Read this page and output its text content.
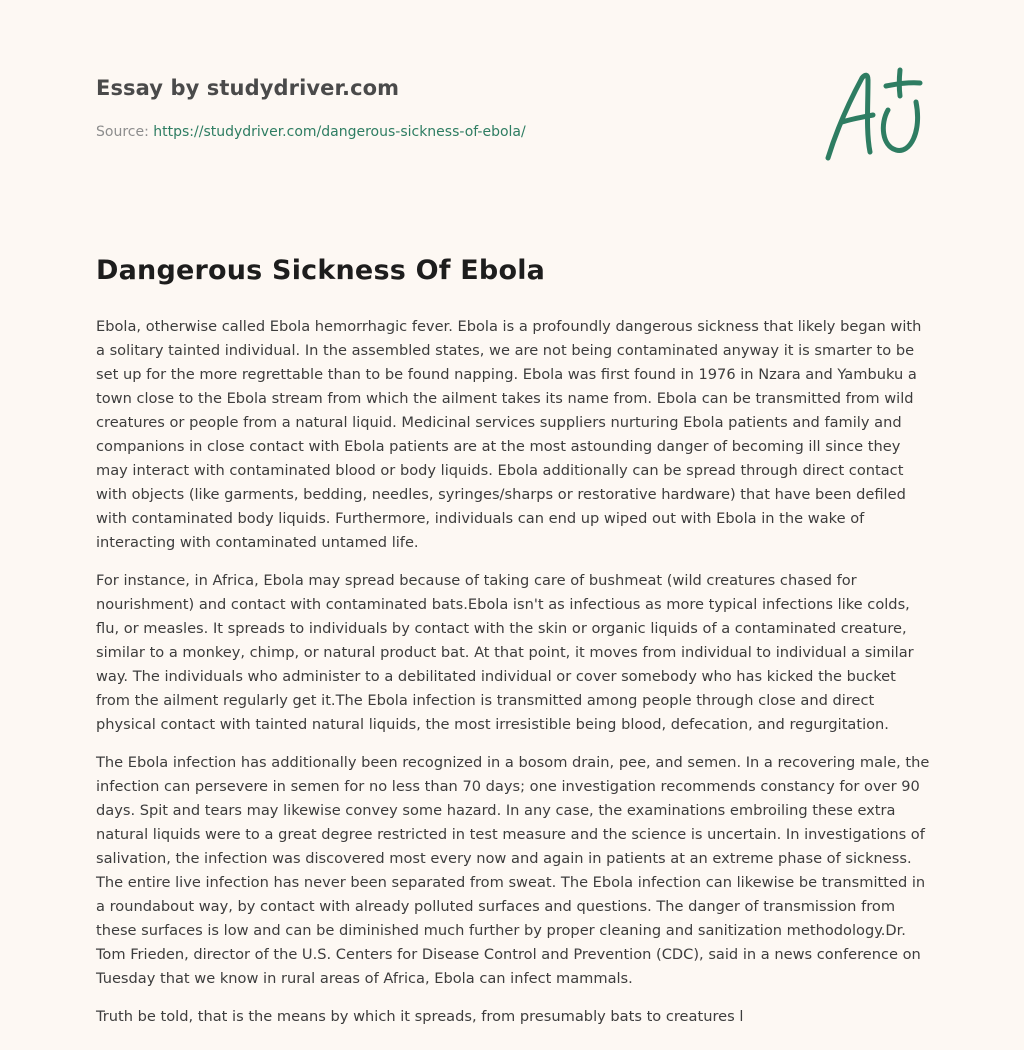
Essay by studydriver.com

Source: https://studydriver.com/dangerous-sickness-of-ebola/

Dangerous Sickness Of Ebola

Ebola, otherwise called Ebola hemorrhagic fever. Ebola is a profoundly dangerous sickness that likely began with a solitary tainted individual. In the assembled states, we are not being contaminated anyway it is smarter to be set up for the more regrettable than to be found napping. Ebola was first found in 1976 in Nzara and Yambuku a town close to the Ebola stream from which the ailment takes its name from. Ebola can be transmitted from wild creatures or people from a natural liquid. Medicinal services suppliers nurturing Ebola patients and family and companions in close contact with Ebola patients are at the most astounding danger of becoming ill since they may interact with contaminated blood or body liquids. Ebola additionally can be spread through direct contact with objects (like garments, bedding, needles, syringes/sharps or restorative hardware) that have been defiled with contaminated body liquids. Furthermore, individuals can end up wiped out with Ebola in the wake of interacting with contaminated untamed life.

For instance, in Africa, Ebola may spread because of taking care of bushmeat (wild creatures chased for nourishment) and contact with contaminated bats.Ebola isn't as infectious as more typical infections like colds, flu, or measles. It spreads to individuals by contact with the skin or organic liquids of a contaminated creature, similar to a monkey, chimp, or natural product bat. At that point, it moves from individual to individual a similar way. The individuals who administer to a debilitated individual or cover somebody who has kicked the bucket from the ailment regularly get it.The Ebola infection is transmitted among people through close and direct physical contact with tainted natural liquids, the most irresistible being blood, defecation, and regurgitation.

The Ebola infection has additionally been recognized in a bosom drain, pee, and semen. In a recovering male, the infection can persevere in semen for no less than 70 days; one investigation recommends constancy for over 90 days. Spit and tears may likewise convey some hazard. In any case, the examinations embroiling these extra natural liquids were to a great degree restricted in test measure and the science is uncertain. In investigations of salivation, the infection was discovered most every now and again in patients at an extreme phase of sickness. The entire live infection has never been separated from sweat. The Ebola infection can likewise be transmitted in a roundabout way, by contact with already polluted surfaces and questions. The danger of transmission from these surfaces is low and can be diminished much further by proper cleaning and sanitization methodology.Dr. Tom Frieden, director of the U.S. Centers for Disease Control and Prevention (CDC), said in a news conference on Tuesday that we know in rural areas of Africa, Ebola can infect mammals.

Truth be told, that is the means by which it spreads, from presumably bats to creatures l
